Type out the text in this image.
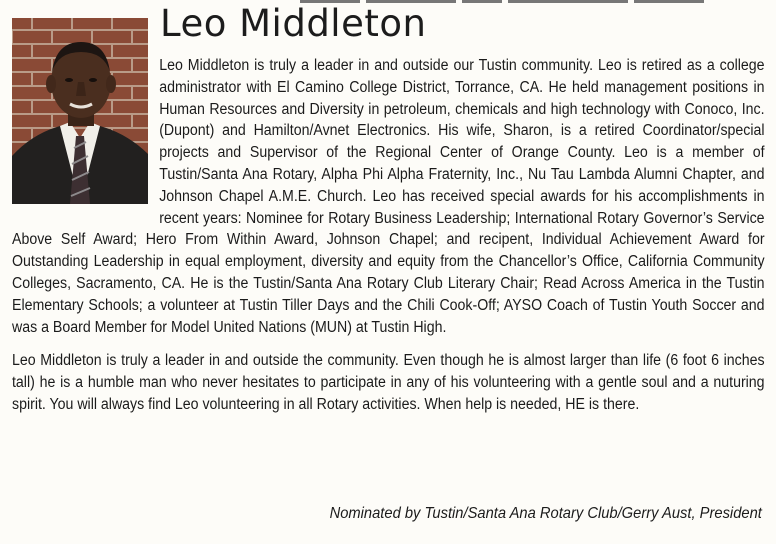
Leo Middleton

Leo Middleton is truly a leader in and outside our Tustin community. Leo is retired as a college administrator with El Camino College District, Torrance, CA. He held management positions in Human Resources and Diversity in petroleum, chemicals and high technology with Conoco, Inc. (Dupont) and Hamilton/Avnet Electronics. His wife, Sharon, is a retired Coordinator/special projects and Supervisor of the Regional Center of Orange County. Leo is a member of Tustin/Santa Ana Rotary, Alpha Phi Alpha Fraternity, Inc., Nu Tau Lambda Alumni Chapter, and Johnson Chapel A.M.E. Church. Leo has received special awards for his accomplishments in recent years: Nominee for Rotary Business Leadership; International Rotary Governor’s Service Above Self Award; Hero From Within Award, Johnson Chapel; and recipent, Individual Achievement Award for Outstanding Leadership in equal employment, diversity and equity from the Chancellor’s Office, California Community Colleges, Sacramento, CA. He is the Tustin/Santa Ana Rotary Club Literary Chair; Read Across America in the Tustin Elementary Schools; a volunteer at Tustin Tiller Days and the Chili Cook-Off; AYSO Coach of Tustin Youth Soccer and was a Board Member for Model United Nations (MUN) at Tustin High.

Leo Middleton is truly a leader in and outside the community. Even though he is almost larger than life (6 foot 6 inches tall) he is a humble man who never hesitates to participate in any of his volunteering with a gentle soul and a nuturing spirit. You will always find Leo volunteering in all Rotary activities. When help is needed, HE is there.

Nominated by Tustin/Santa Ana Rotary Club/Gerry Aust, President
